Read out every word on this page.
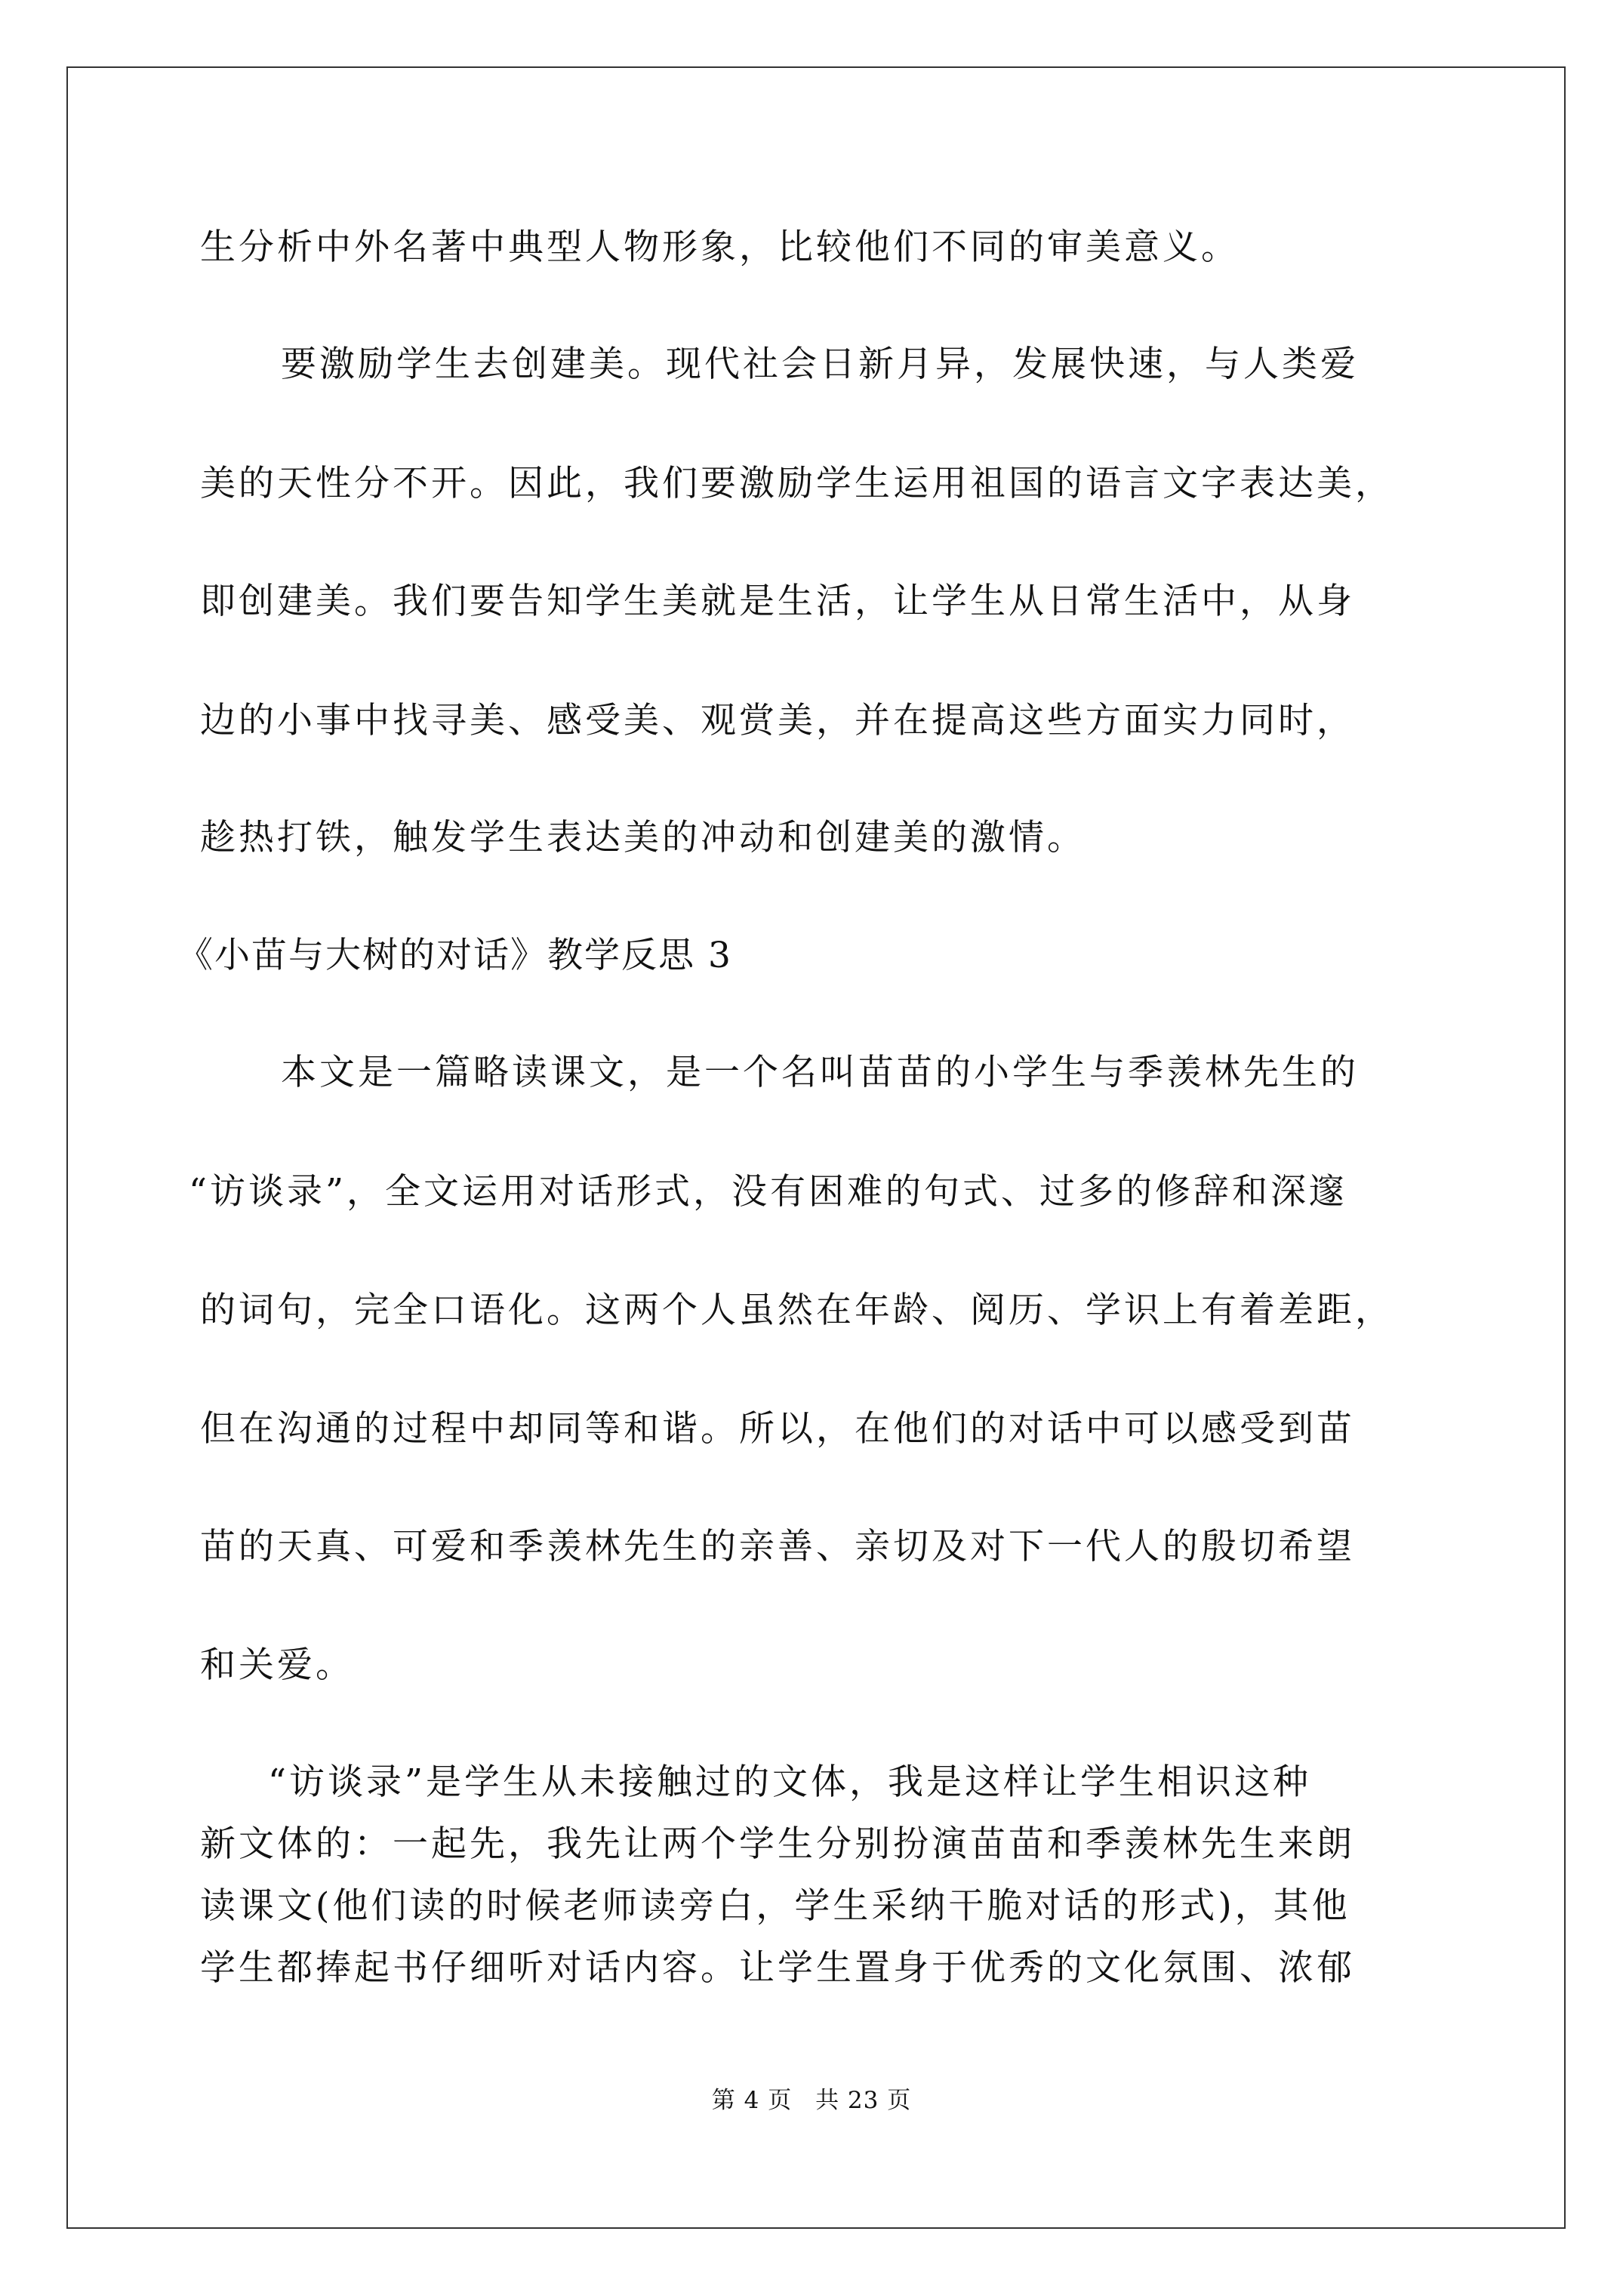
生分析中外名著中典型人物形象，比较他们不同的审美意义。
要激励学生去创建美。现代社会日新月异，发展快速，与人类爱
美的天性分不开。因此，我们要激励学生运用祖国的语言文字表达美，
即创建美。我们要告知学生美就是生活，让学生从日常生活中，从身
边的小事中找寻美、感受美、观赏美，并在提高这些方面实力同时，
趁热打铁，触发学生表达美的冲动和创建美的激情。
《小苗与大树的对话》教学反思 3
本文是一篇略读课文，是一个名叫苗苗的小学生与季羡林先生的
“访谈录”，全文运用对话形式，没有困难的句式、过多的修辞和深邃
的词句，完全口语化。这两个人虽然在年龄、阅历、学识上有着差距，
但在沟通的过程中却同等和谐。所以，在他们的对话中可以感受到苗
苗的天真、可爱和季羡林先生的亲善、亲切及对下一代人的殷切希望
和关爱。
“访谈录”是学生从未接触过的文体，我是这样让学生相识这种
新文体的：一起先，我先让两个学生分别扮演苗苗和季羡林先生来朗
读课文(他们读的时候老师读旁白，学生采纳干脆对话的形式)，其他
学生都捧起书仔细听对话内容。让学生置身于优秀的文化氛围、浓郁
第 4 页 共 23 页
